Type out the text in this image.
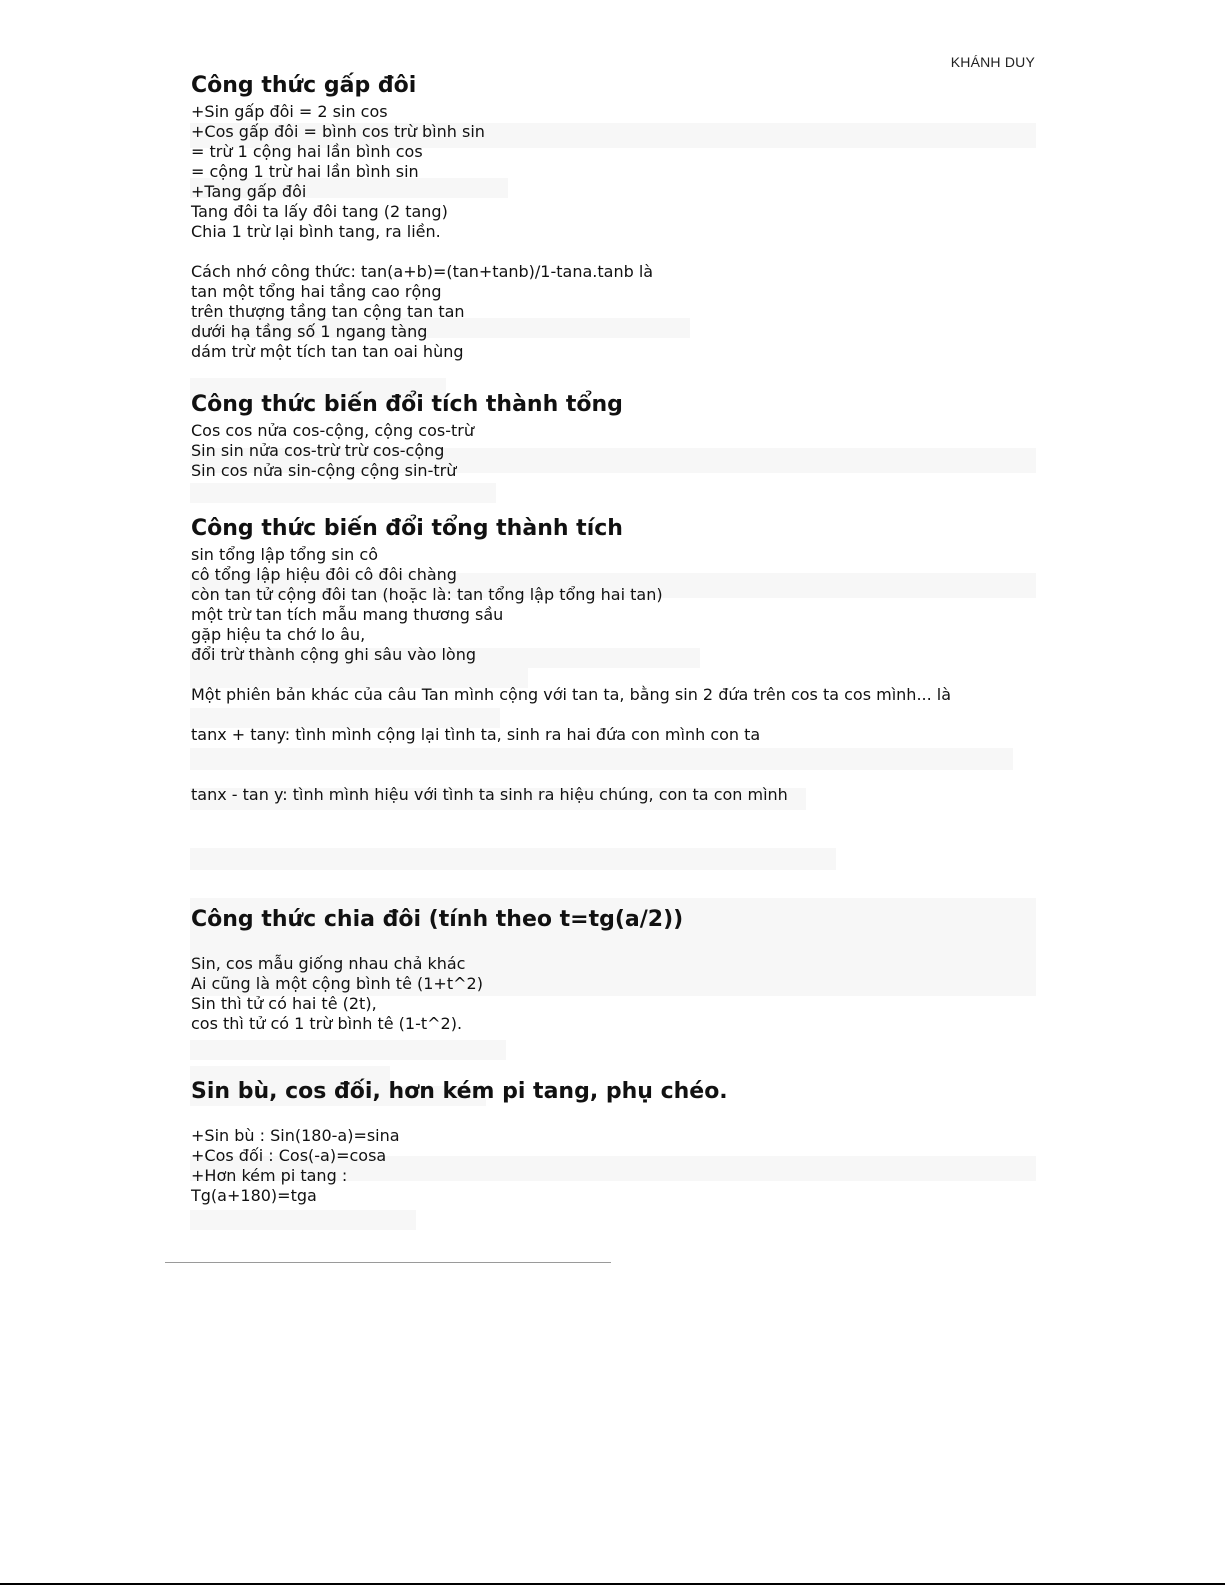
KHÁNH DUY
Công thức gấp đôi
+Sin gấp đôi = 2 sin cos
+Cos gấp đôi = bình cos trừ bình sin
= trừ 1 cộng hai lần bình cos
= cộng 1 trừ hai lần bình sin
+Tang gấp đôi
Tang đôi ta lấy đôi tang (2 tang)
Chia 1 trừ lại bình tang, ra liền.
Cách nhớ công thức: tan(a+b)=(tan+tanb)/1-tana.tanb là
tan một tổng hai tầng cao rộng
trên thượng tầng tan cộng tan tan
dưới hạ tầng số 1 ngang tàng
dám trừ một tích tan tan oai hùng
Công thức biến đổi tích thành tổng
Cos cos nửa cos-cộng, cộng cos-trừ
Sin sin nửa cos-trừ trừ cos-cộng
Sin cos nửa sin-cộng cộng sin-trừ
Công thức biến đổi tổng thành tích
sin tổng lập tổng sin cô
cô tổng lập hiệu đôi cô đôi chàng
còn tan tử cộng đôi tan (hoặc là: tan tổng lập tổng hai tan)
một trừ tan tích mẫu mang thương sầu
gặp hiệu ta chớ lo âu,
đổi trừ thành cộng ghi sâu vào lòng
Một phiên bản khác của câu Tan mình cộng với tan ta, bằng sin 2 đứa trên cos ta cos mình... là
tanx + tany: tình mình cộng lại tình ta, sinh ra hai đứa con mình con ta
tanx - tan y: tình mình hiệu với tình ta sinh ra hiệu chúng, con ta con mình
Công thức chia đôi (tính theo t=tg(a/2))
Sin, cos mẫu giống nhau chả khác
Ai cũng là một cộng bình tê (1+t^2)
Sin thì tử có hai tê (2t),
cos thì tử có 1 trừ bình tê (1-t^2).
Sin bù, cos đối, hơn kém pi tang, phụ chéo.
+Sin bù : Sin(180-a)=sina
+Cos đối : Cos(-a)=cosa
+Hơn kém pi tang :
Tg(a+180)=tga
